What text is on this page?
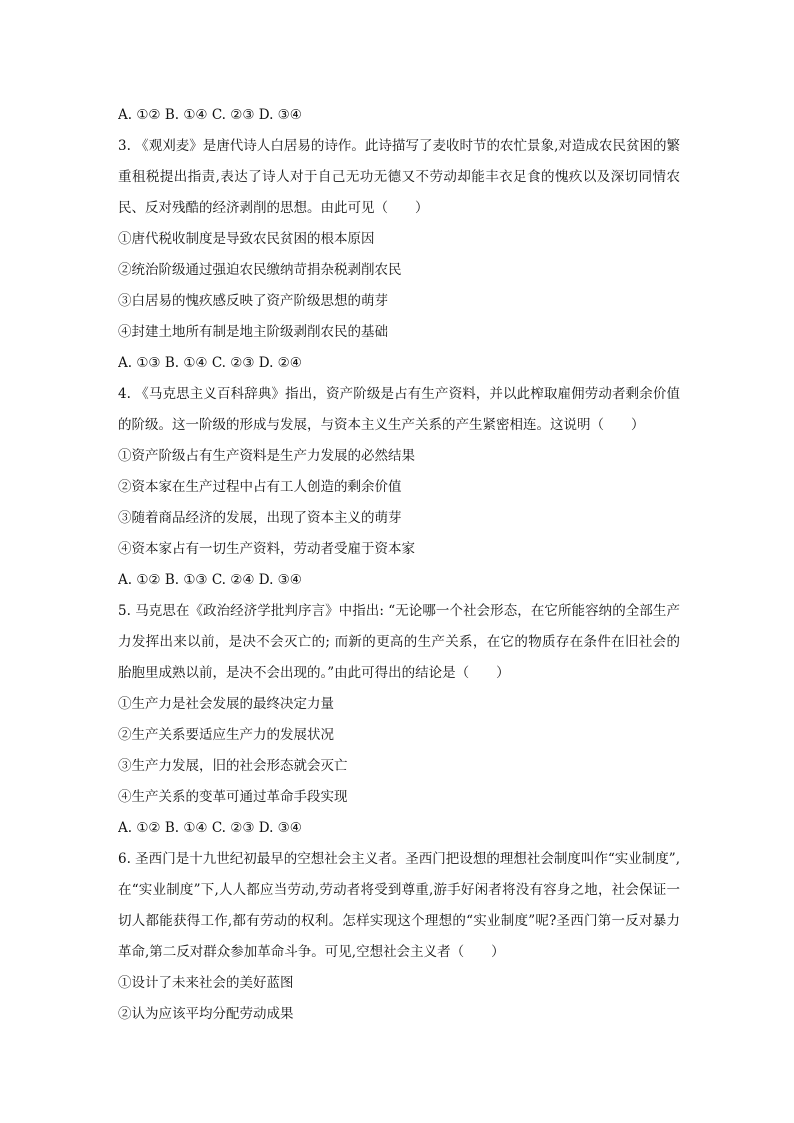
A. ①② B. ①④ C. ②③ D. ③④
3. 《观刈麦》是唐代诗人白居易的诗作。此诗描写了麦收时节的农忙景象,对造成农民贫困的繁重租税提出指责,表达了诗人对于自己无功无德又不劳动却能丰衣足食的愧疚以及深切同情农民、反对残酷的经济剥削的思想。由此可见（　　）
①唐代税收制度是导致农民贫困的根本原因
②统治阶级通过强迫农民缴纳苛捐杂税剥削农民
③白居易的愧疚感反映了资产阶级思想的萌芽
④封建土地所有制是地主阶级剥削农民的基础
A. ①③ B. ①④ C. ②③ D. ②④
4. 《马克思主义百科辞典》指出，资产阶级是占有生产资料，并以此榨取雇佣劳动者剩余价值的阶级。这一阶级的形成与发展，与资本主义生产关系的产生紧密相连。这说明（　　）
①资产阶级占有生产资料是生产力发展的必然结果
②资本家在生产过程中占有工人创造的剩余价值
③随着商品经济的发展，出现了资本主义的萌芽
④资本家占有一切生产资料，劳动者受雇于资本家
A. ①② B. ①③ C. ②④ D. ③④
5. 马克思在《政治经济学批判序言》中指出: “无论哪一个社会形态，在它所能容纳的全部生产力发挥出来以前，是决不会灭亡的; 而新的更高的生产关系，在它的物质存在条件在旧社会的胎胞里成熟以前，是决不会出现的。”由此可得出的结论是（　　）
①生产力是社会发展的最终决定力量
②生产关系要适应生产力的发展状况
③生产力发展，旧的社会形态就会灭亡
④生产关系的变革可通过革命手段实现
A. ①② B. ①④ C. ②③ D. ③④
6. 圣西门是十九世纪初最早的空想社会主义者。圣西门把设想的理想社会制度叫作“实业制度”,在“实业制度”下,人人都应当劳动,劳动者将受到尊重,游手好闲者将没有容身之地，社会保证一切人都能获得工作,都有劳动的权利。怎样实现这个理想的“实业制度”呢?圣西门第一反对暴力革命,第二反对群众参加革命斗争。可见,空想社会主义者（　　）
①设计了未来社会的美好蓝图
②认为应该平均分配劳动成果
